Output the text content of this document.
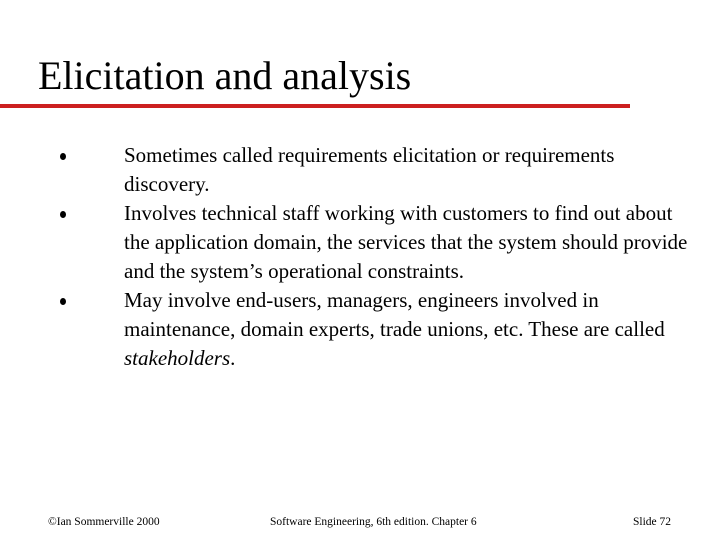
Elicitation and analysis
Sometimes called requirements elicitation or requirements discovery.
Involves technical staff working with customers to find out about the application domain, the services that the system should provide and the system’s operational constraints.
May involve end-users, managers, engineers involved in maintenance, domain experts, trade unions, etc. These are called stakeholders.
©Ian Sommerville 2000	Software Engineering, 6th edition. Chapter 6	Slide 72
